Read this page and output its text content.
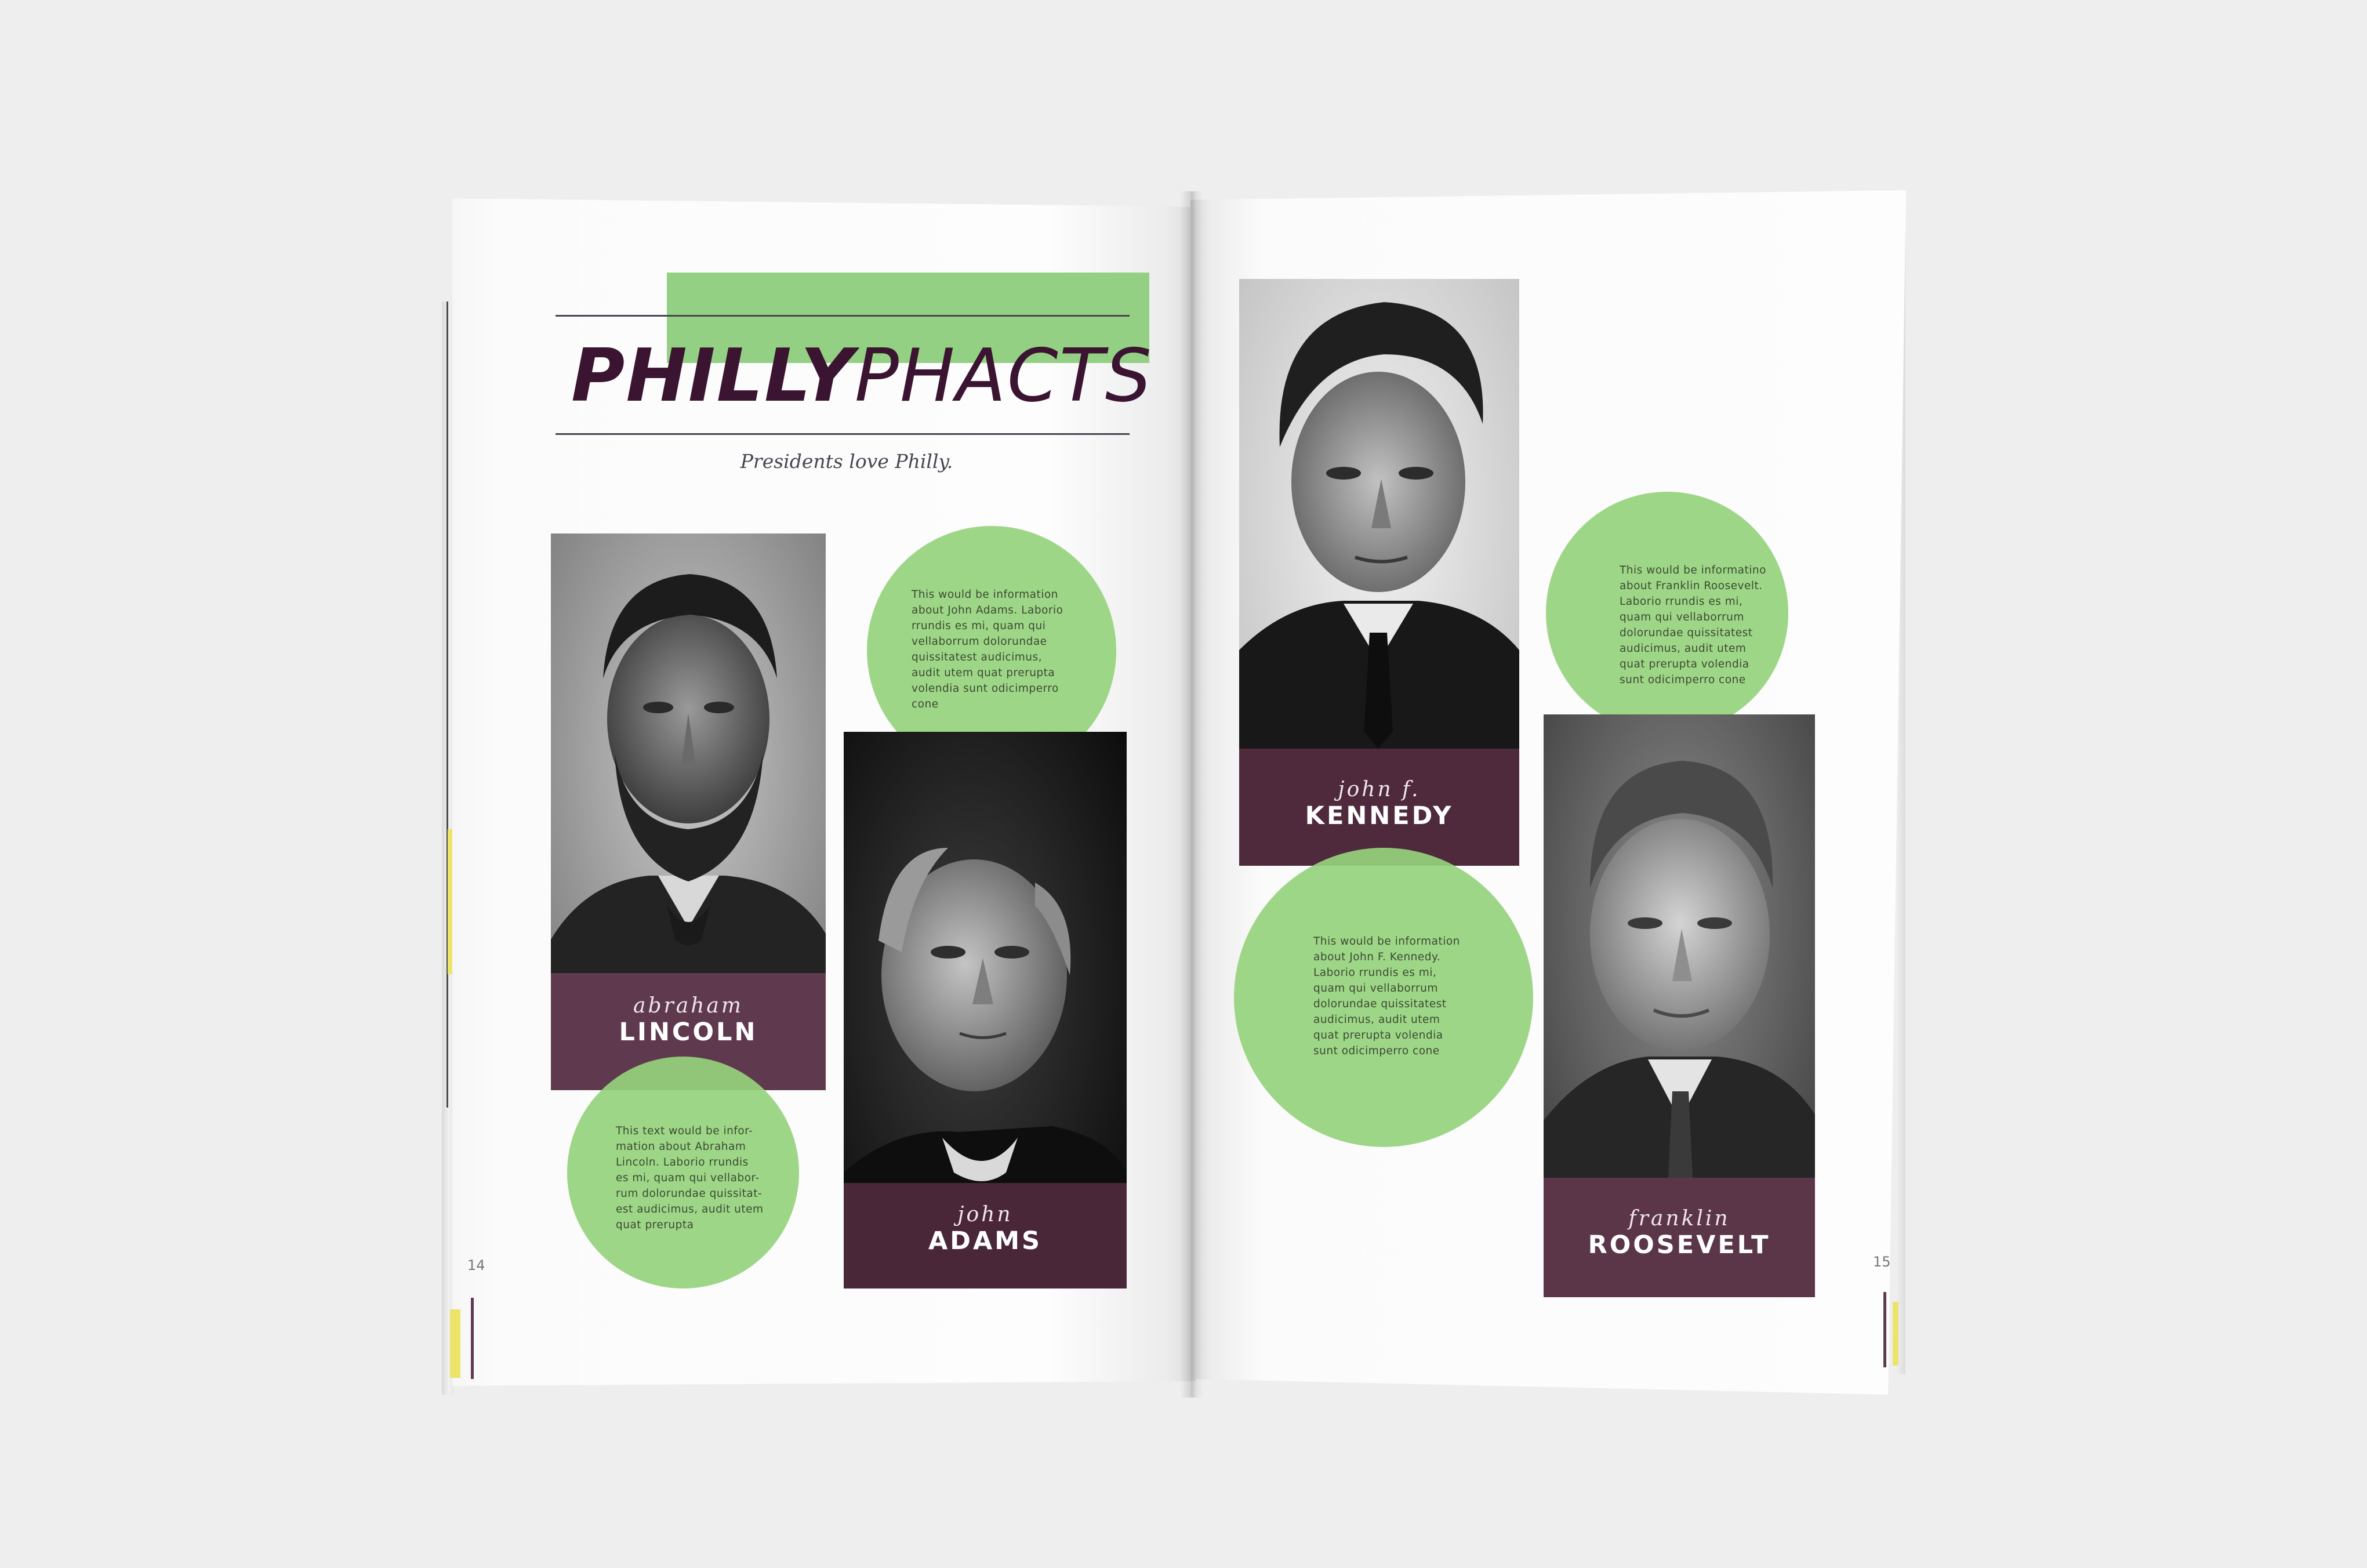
PHILLYPHACTS
Presidents love Philly.
abraham
LINCOLN
This would be information
about John Adams. Laborio
rrundis es mi, quam qui
vellaborrum dolorundae
quissitatest audicimus,
audit utem quat prerupta
volendia sunt odicimperro
cone
john
ADAMS
This text would be infor-
mation about Abraham
Lincoln. Laborio rrundis
es mi, quam qui vellabor-
rum dolorundae quissitat-
est audicimus, audit utem
quat prerupta
14
john f.
KENNEDY
This would be informatino
about Franklin Roosevelt.
Laborio rrundis es mi,
quam qui vellaborrum
dolorundae quissitatest
audicimus, audit utem
quat prerupta volendia
sunt odicimperro cone
franklin
ROOSEVELT
This would be information
about John F. Kennedy.
Laborio rrundis es mi,
quam qui vellaborrum
dolorundae quissitatest
audicimus, audit utem
quat prerupta volendia
sunt odicimperro cone
15
